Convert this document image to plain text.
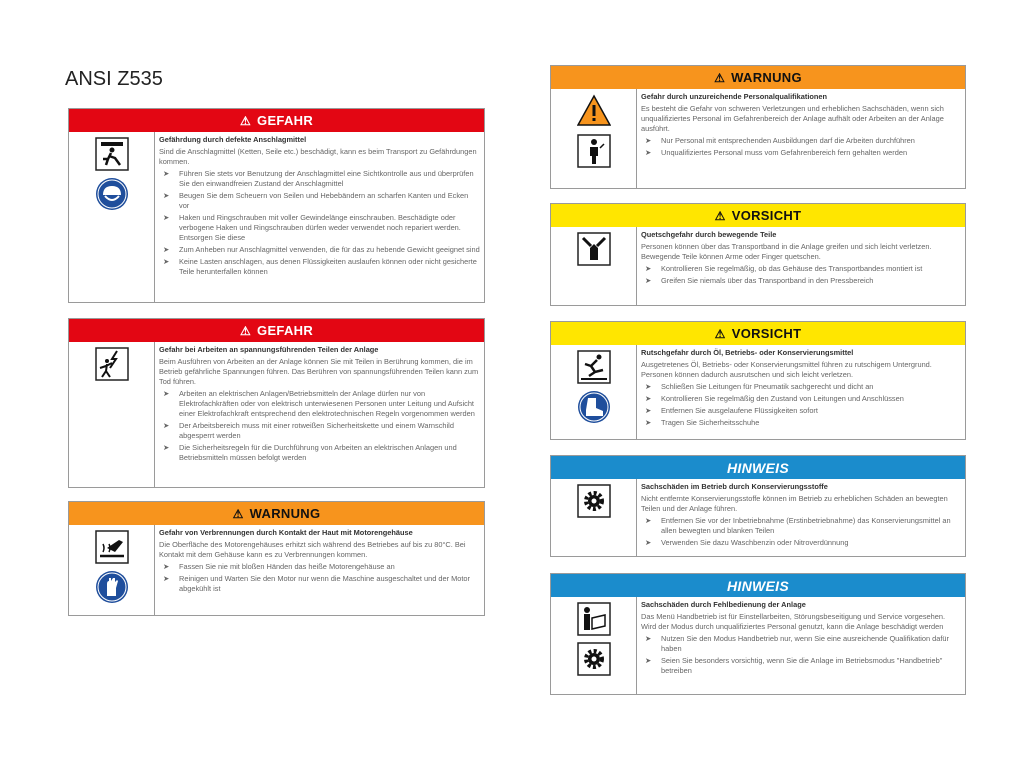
ANSI Z535
⚠ GEFAHR
Gefährdung durch defekte Anschlagmittel
Sind die Anschlagmittel (Ketten, Seile etc.) beschädigt, kann es beim Transport zu Gefährdungen kommen.
➤	Führen Sie stets vor Benutzung der Anschlagmittel eine Sichtkontrolle aus und überprüfen Sie den einwandfreien Zustand der Anschlagmittel
➤	Beugen Sie dem Scheuern von Seilen und Hebebändern an scharfen Kanten und Ecken vor
➤	Haken und Ringschrauben mit voller Gewindelänge einschrauben. Beschädigte oder verbogene Haken und Ringschrauben dürfen weder verwendet noch repariert werden. Entsorgen Sie diese
➤	Zum Anheben nur Anschlagmittel verwenden, die für das zu hebende Gewicht geeignet sind
➤	Keine Lasten anschlagen, aus denen Flüssigkeiten auslaufen können oder nicht gesicherte Teile herunterfallen können
⚠ GEFAHR
Gefahr bei Arbeiten an spannungsführenden Teilen der Anlage
Beim Ausführen von Arbeiten an der Anlage können Sie mit Teilen in Berührung kommen, die im Betrieb gefährliche Spannungen führen. Das Berühren von spannungsführenden Teilen kann zum Tod führen.
➤	Arbeiten an elektrischen Anlagen/Betriebsmitteln der Anlage dürfen nur von Elektrofachkräften oder von elektrisch unterwiesenen Personen unter Leitung und Aufsicht einer Elektrofachkraft entsprechend den elektrotechnischen Regeln vorgenommen werden
➤	Der Arbeitsbereich muss mit einer rotweißen Sicherheitskette und einem Warnschild abgesperrt werden
➤	Die Sicherheitsregeln für die Durchführung von Arbeiten an elektrischen Anlagen und Betriebsmitteln müssen befolgt werden
⚠ WARNUNG
Gefahr von Verbrennungen durch Kontakt der Haut mit Motorengehäuse
Die Oberfläche des Motorengehäuses erhitzt sich während des Betriebes auf bis zu 80°C. Bei Kontakt mit dem Gehäuse kann es zu Verbrennungen kommen.
➤	Fassen Sie nie mit bloßen Händen das heiße Motorengehäuse an
➤	Reinigen und Warten Sie den Motor nur wenn die Maschine ausgeschaltet und der Motor abgekühlt ist
⚠ WARNUNG
Gefahr durch unzureichende Personalqualifikationen
Es besteht die Gefahr von schweren Verletzungen und erheblichen Sachschäden, wenn sich unqualifiziertes Personal im Gefahrenbereich der Anlage aufhält oder Arbeiten an der Anlage ausführt.
➤	Nur Personal mit entsprechenden Ausbildungen darf die Arbeiten durchführen
➤	Unqualifiziertes Personal muss vom Gefahrenbereich fern gehalten werden
⚠ VORSICHT
Quetschgefahr durch bewegende Teile
Personen können über das Transportband in die Anlage greifen und sich leicht verletzen. Bewegende Teile können Arme oder Finger quetschen.
➤	Kontrollieren Sie regelmäßig, ob das Gehäuse des Transportbandes montiert ist
➤	Greifen Sie niemals über das Transportband in den Pressbereich
⚠ VORSICHT
Rutschgefahr durch Öl, Betriebs- oder Konservierungsmittel
Ausgetretenes Öl, Betriebs- oder Konservierungsmittel führen zu rutschigem Untergrund. Personen können dadurch ausrutschen und sich leicht verletzen.
➤	Schließen Sie Leitungen für Pneumatik sachgerecht und dicht an
➤	Kontrollieren Sie regelmäßig den Zustand von Leitungen und Anschlüssen
➤	Entfernen Sie ausgelaufene Flüssigkeiten sofort
➤	Tragen Sie Sicherheitsschuhe
HINWEIS
Sachschäden im Betrieb durch Konservierungsstoffe
Nicht entfernte Konservierungsstoffe können im Betrieb zu erheblichen Schäden an bewegten Teilen und der Anlage führen.
➤	Entfernen Sie vor der Inbetriebnahme (Erstinbetriebnahme) das Konservierungsmittel an allen bewegten und blanken Teilen
➤	Verwenden Sie dazu Waschbenzin oder Nitroverdünnung
HINWEIS
Sachschäden durch Fehlbedienung der Anlage
Das Menü Handbetrieb ist für Einstellarbeiten, Störungsbeseitigung und Service vorgesehen. Wird der Modus durch unqualifiziertes Personal genutzt, kann die Anlage beschädigt werden
➤	Nutzen Sie den Modus Handbetrieb nur, wenn Sie eine ausreichende Qualifikation dafür haben
➤	Seien Sie besonders vorsichtig, wenn Sie die Anlage im Betriebsmodus "Handbetrieb" betreiben
